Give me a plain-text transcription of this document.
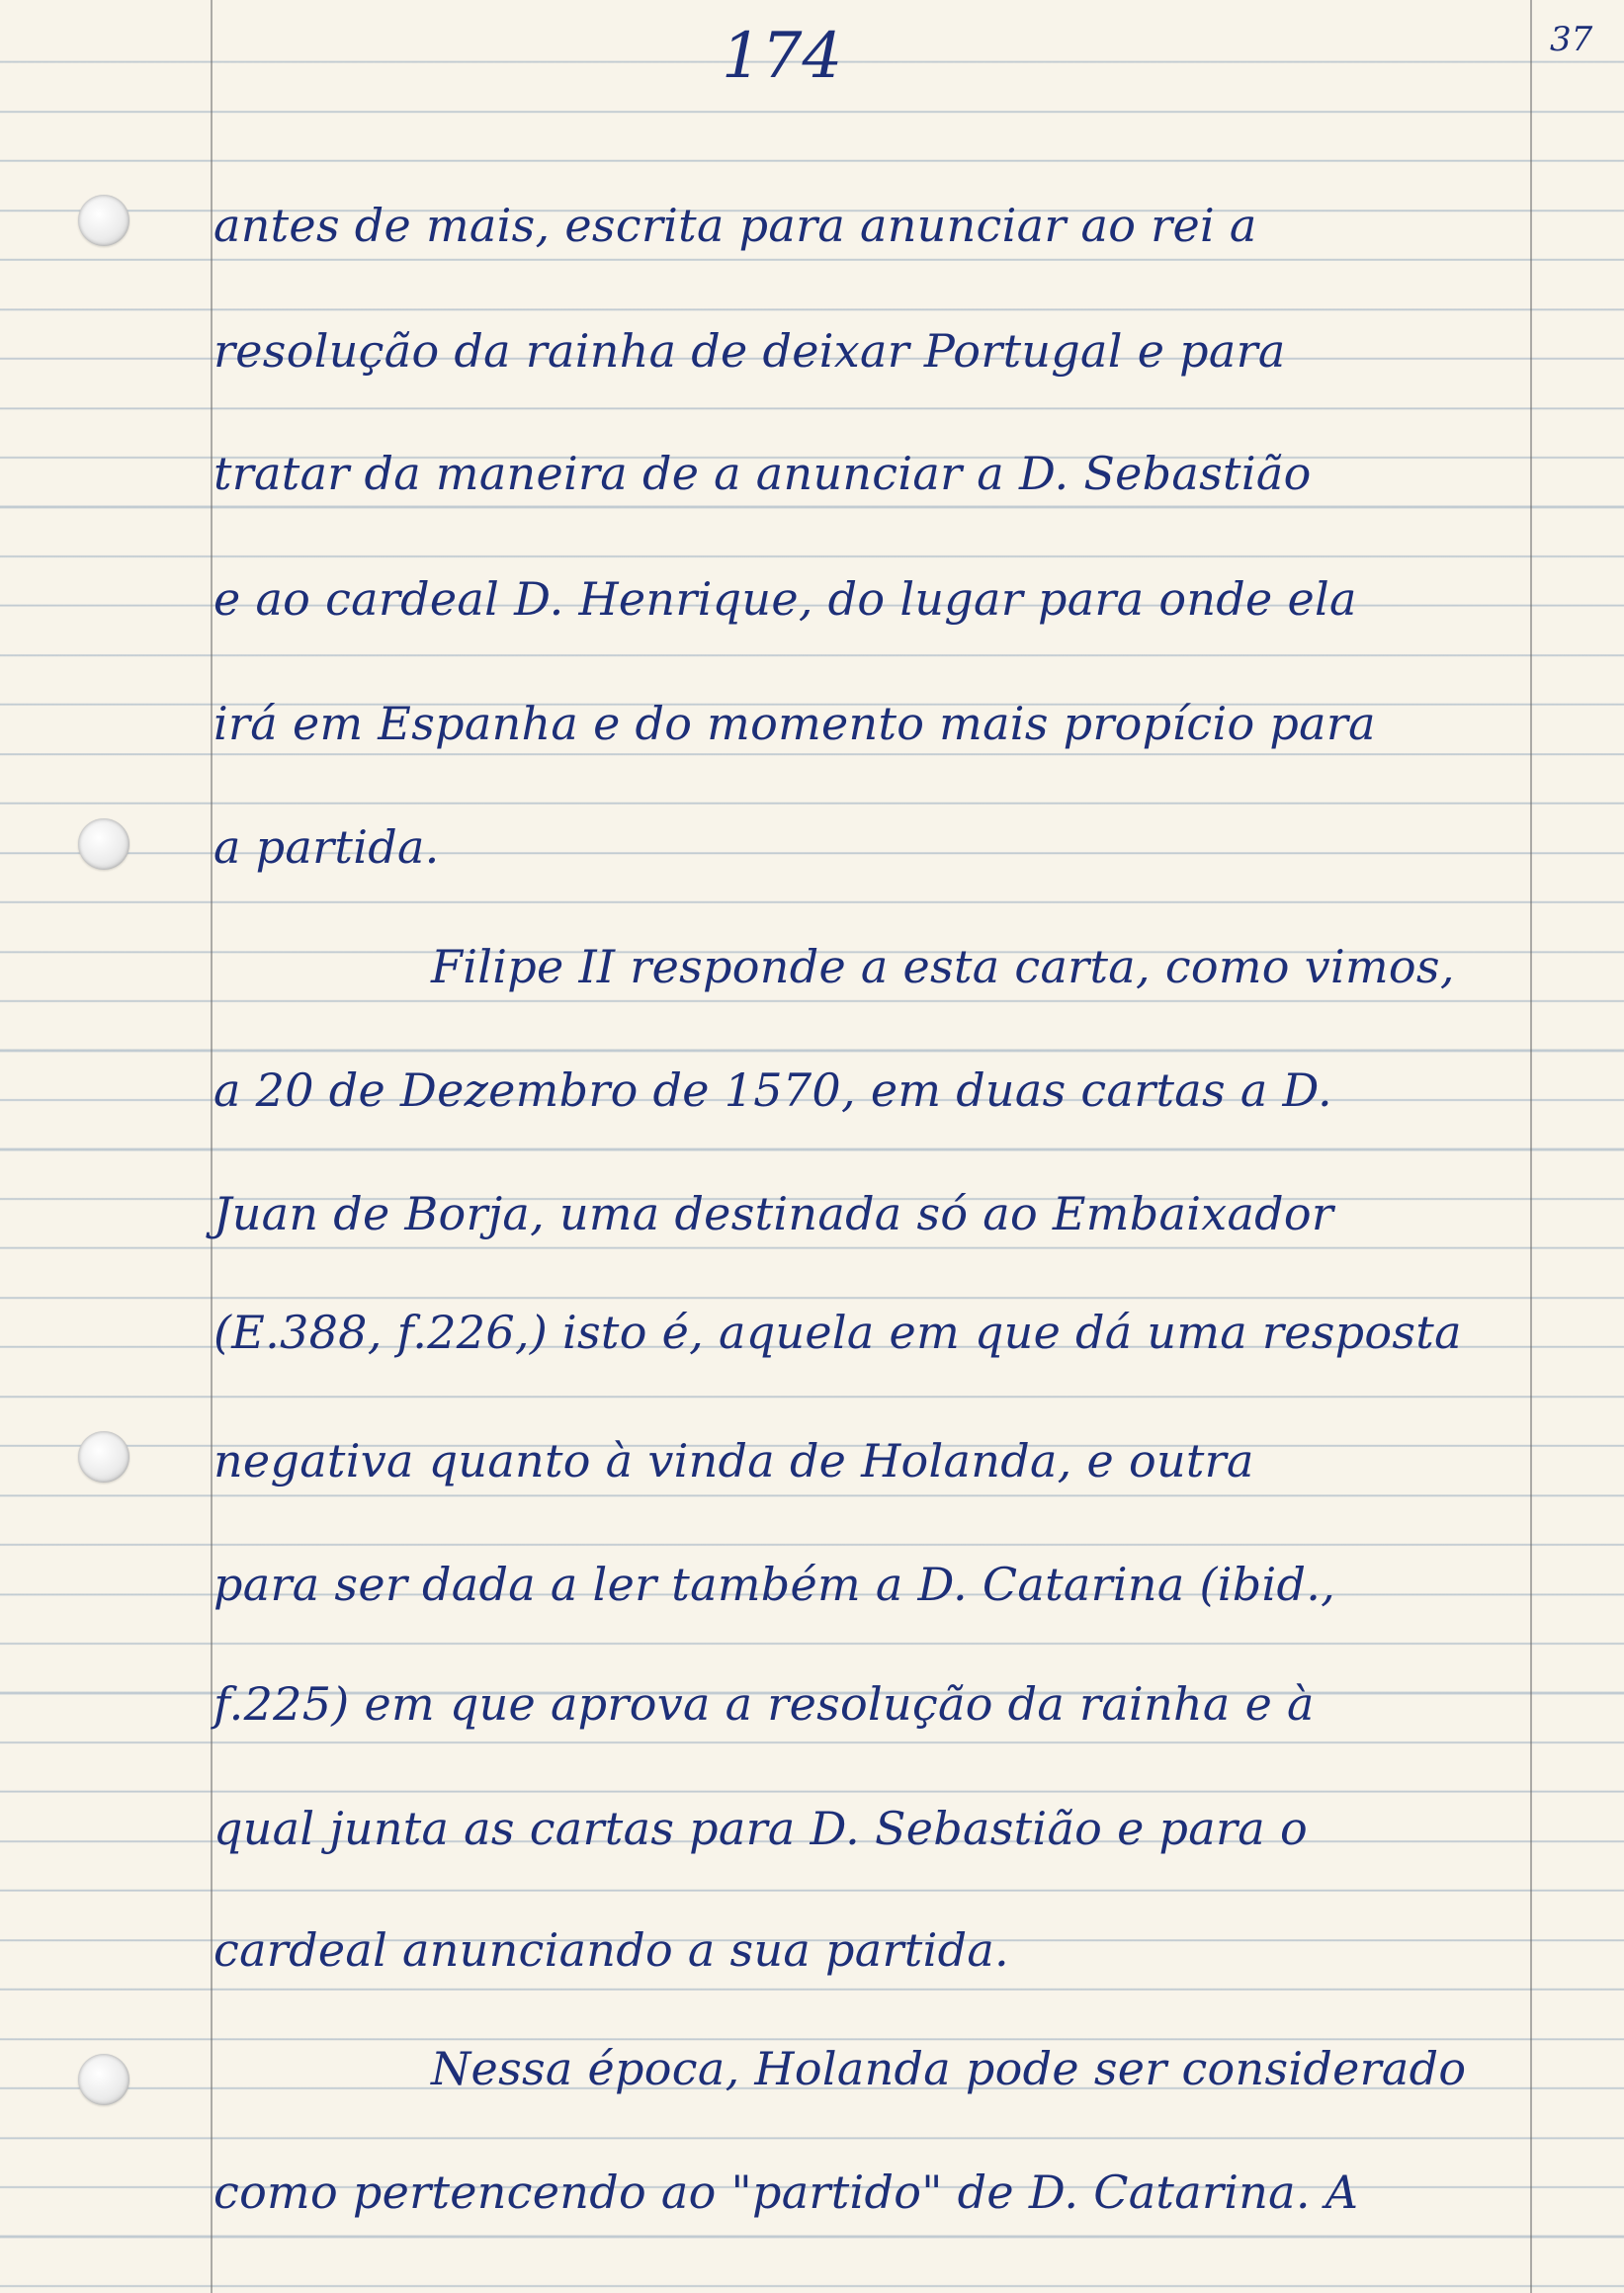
174	37
antes de mais, escrita para anunciar ao rei a
resolução da rainha de deixar Portugal e para
tratar da maneira de a anunciar a D. Sebastião
e ao cardeal D. Henrique, do lugar para onde ela
irá em Espanha e do momento mais propício para
a partida.
Filipe II responde a esta carta, como vimos,
a 20 de Dezembro de 1570, em duas cartas a D.
Juan de Borja, uma destinada só ao Embaixador
(E.388, f.226,) isto é, aquela em que dá uma resposta
negativa quanto à vinda de Holanda, e outra
para ser dada a ler também a D. Catarina (ibid.,
f.225) em que aprova a resolução da rainha e à
qual junta as cartas para D. Sebastião e para o
cardeal anunciando a sua partida.
Nessa época, Holanda pode ser considerado
como pertencendo ao "partido" de D. Catarina. A
